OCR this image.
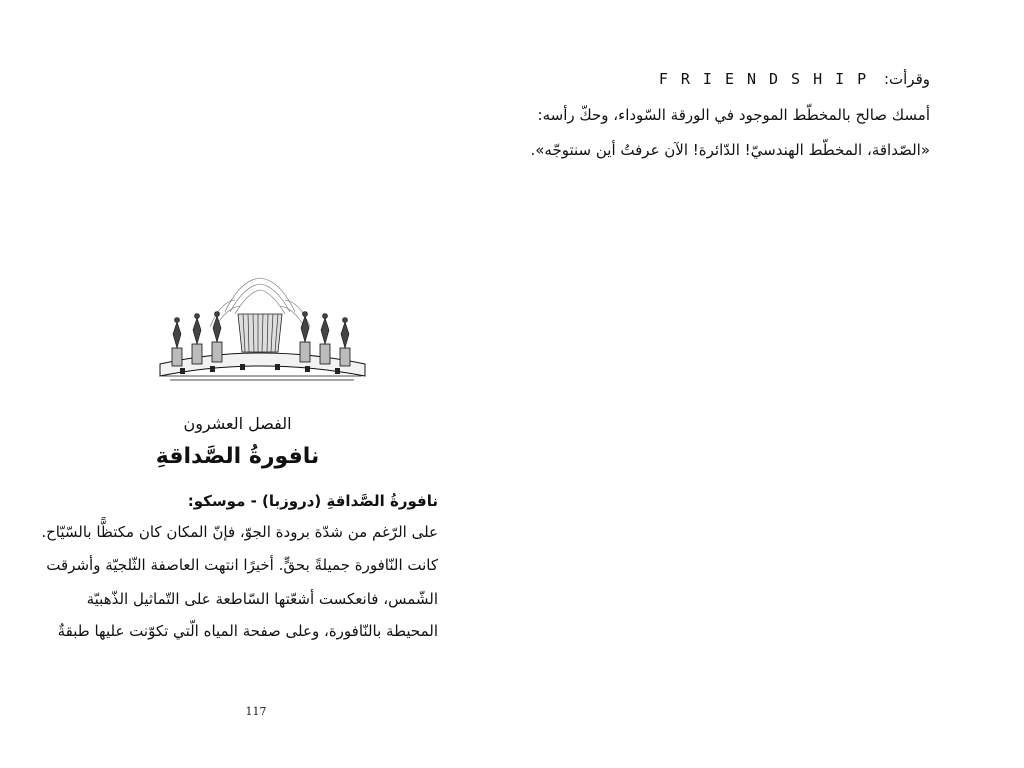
الفصل العشرون
نافورةُ الصَّداقةِ
نافورةُ الصَّداقةِ (دروزبا) - موسكو:
على الرّغم من شدّة برودة الجوّ، فإنّ المكان كان مكتظًّا بالسّيّاح.
كانت النّافورة جميلةً بحقٍّ. أخيرًا انتهت العاصفة الثّلجيّة وأشرقت
الشّمس، فانعكست أشعّتها السّاطعة على التّماثيل الذّهبيّة
المحيطة بالنّافورة، وعلى صفحة المياه الّتي تكوّنت عليها طبقةٌ
117
وقرأت: FRIENDSHIP
أمسك صالح بالمخطّط الموجود في الورقة السّوداء، وحكّ رأسه:
«الصّداقة، المخطّط الهندسيّ! الدّائرة! الآن عرفتُ أين سنتوجّه».
